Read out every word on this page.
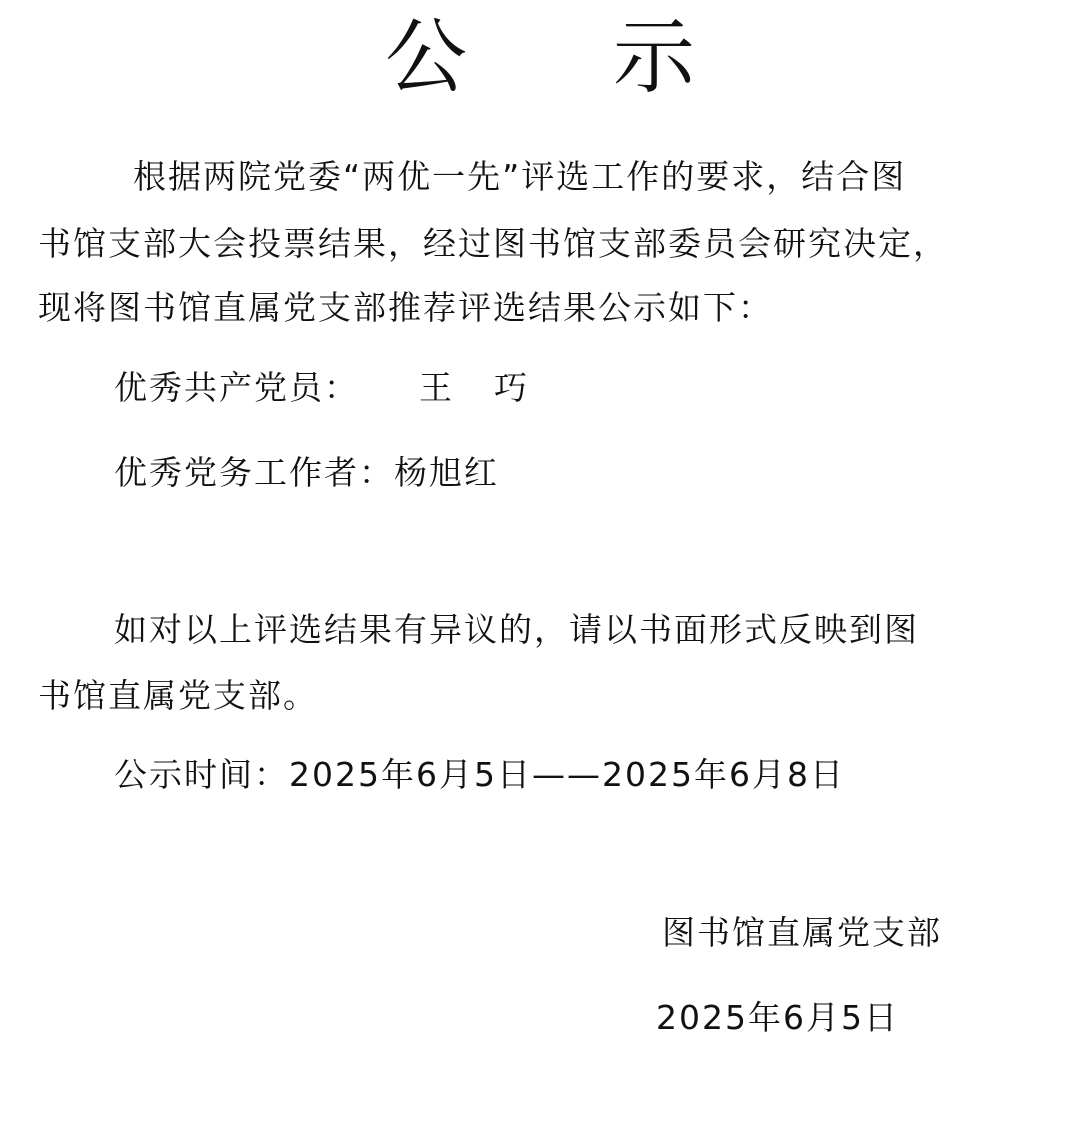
公 示
根据两院党委“两优一先”评选工作的要求，结合图
书馆支部大会投票结果，经过图书馆支部委员会研究决定，
现将图书馆直属党支部推荐评选结果公示如下：
优秀共产党员： 王 巧
优秀党务工作者：杨旭红
如对以上评选结果有异议的，请以书面形式反映到图
书馆直属党支部。
公示时间：2025年6月5日——2025年6月8日
图书馆直属党支部
2025年6月5日
